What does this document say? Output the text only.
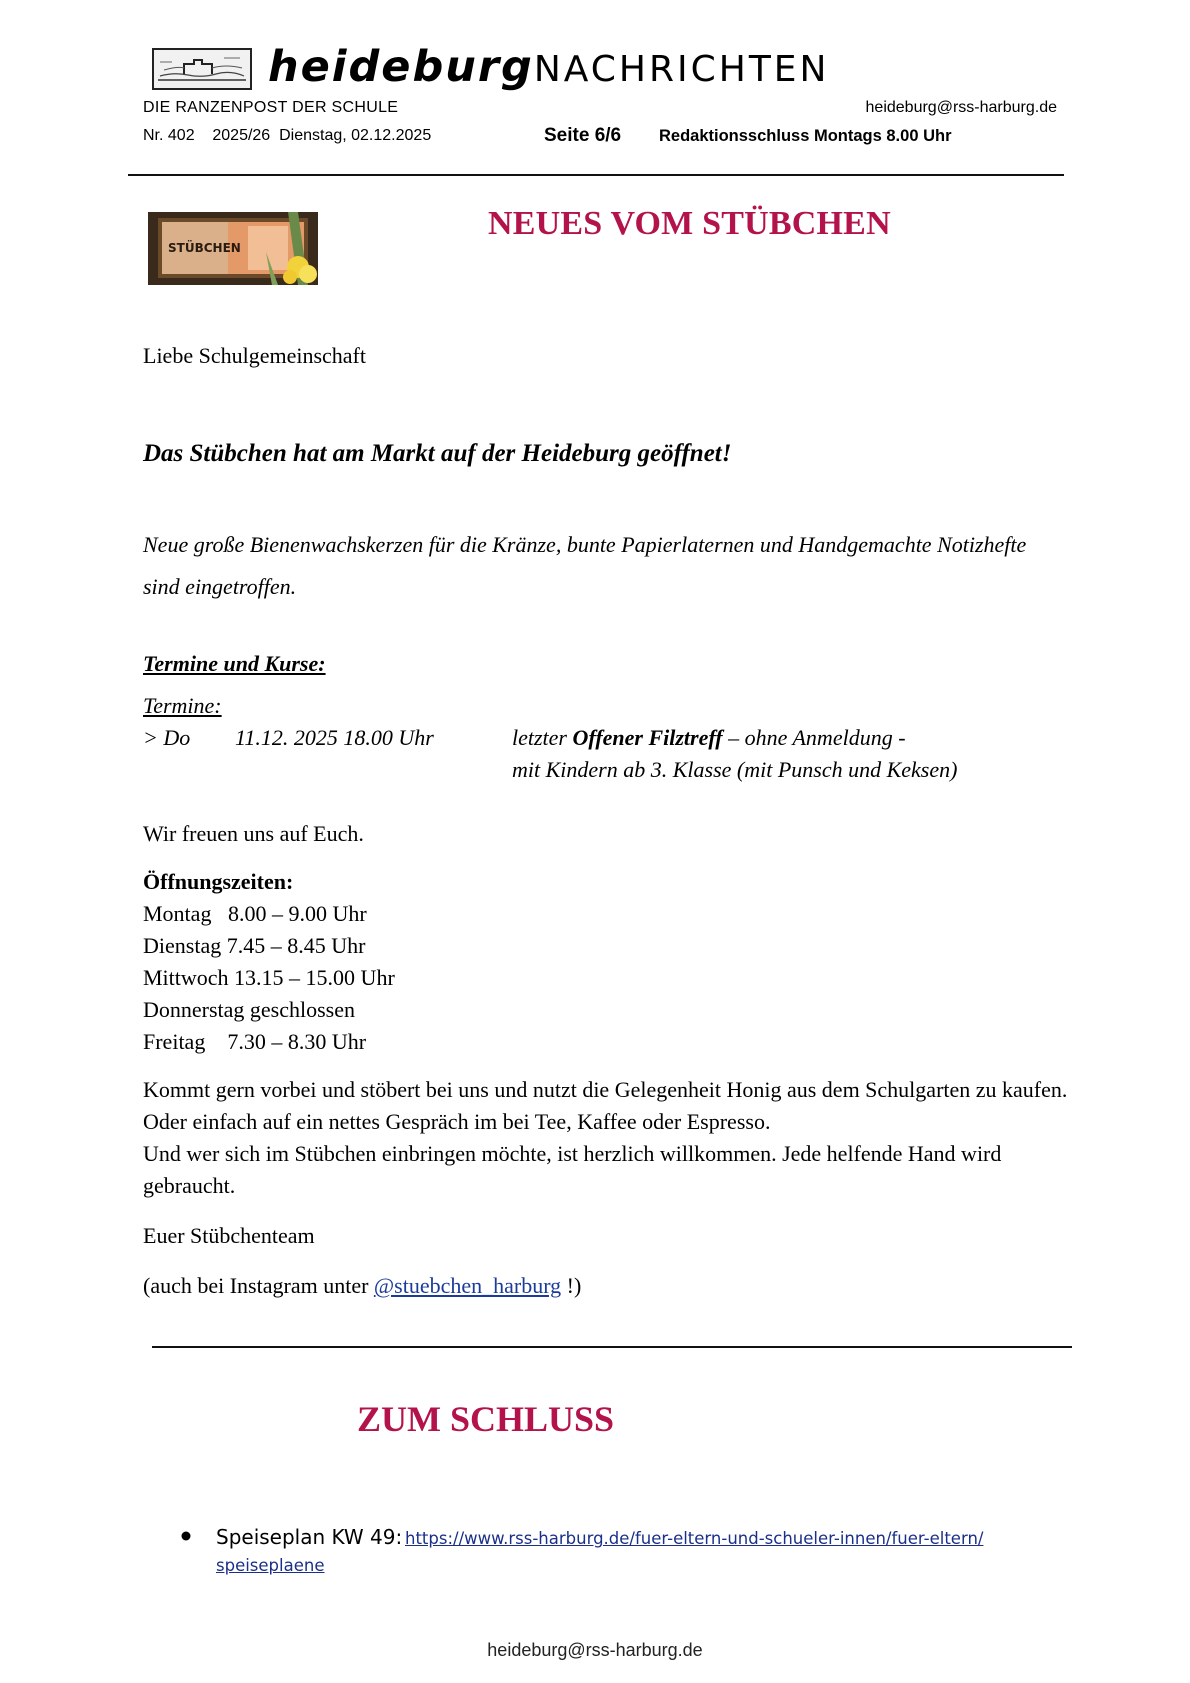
heideburgNACHRICHTEN
DIE RANZENPOST DER SCHULE	heideburg@rss-harburg.de
Nr. 402    2025/26  Dienstag, 02.12.2025	Seite 6/6 Redaktionsschluss Montags 8.00 Uhr
STÜBCHEN
NEUES VOM STÜBCHEN
Liebe Schulgemeinschaft
Das Stübchen hat am Markt auf der Heideburg geöffnet!
Neue große Bienenwachskerzen für die Kränze, bunte Papierlaternen und Handgemachte Notizhefte sind eingetroffen.
Termine und Kurse:
Termine:
> Do 11.12. 2025 18.00 Uhr	letzter Offener Filztreff – ohne Anmeldung -
mit Kindern ab 3. Klasse (mit Punsch und Keksen)
Wir freuen uns auf Euch.
Öffnungszeiten:
Montag   8.00 – 9.00 Uhr
Dienstag 7.45 – 8.45 Uhr
Mittwoch 13.15 – 15.00 Uhr
Donnerstag geschlossen
Freitag    7.30 – 8.30 Uhr
Kommt gern vorbei und stöbert bei uns und nutzt die Gelegenheit Honig aus dem Schulgarten zu kaufen. Oder einfach auf ein nettes Gespräch im bei Tee, Kaffee oder Espresso.
Und wer sich im Stübchen einbringen möchte, ist herzlich willkommen. Jede helfende Hand wird gebraucht.
Euer Stübchenteam
(auch bei Instagram unter @stuebchen_harburg !)
ZUM SCHLUSS
Speiseplan KW 49: https://www.rss-harburg.de/fuer-eltern-und-schueler-innen/fuer-eltern/
speiseplaene
heideburg@rss-harburg.de
